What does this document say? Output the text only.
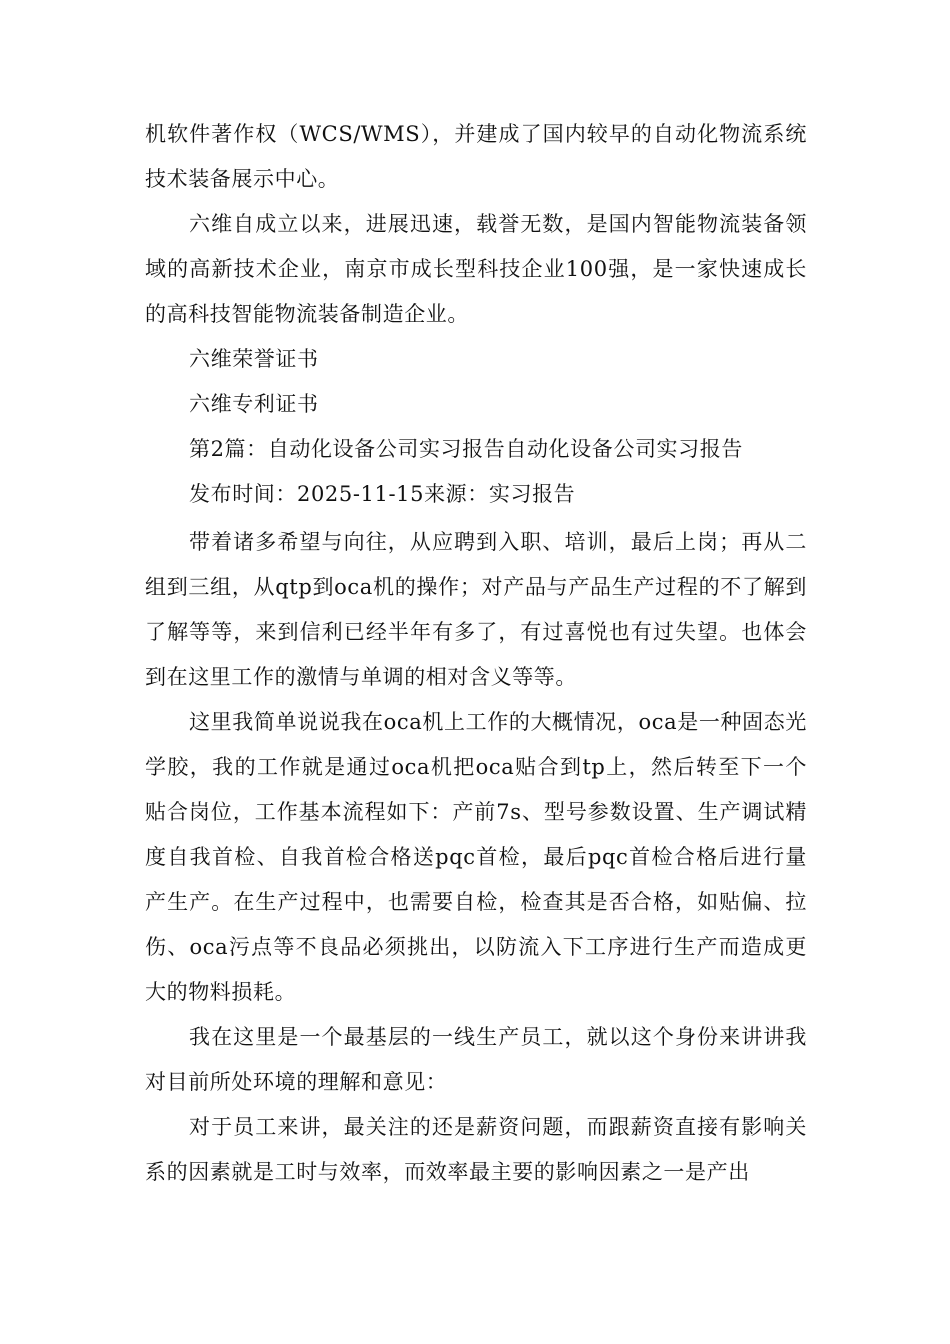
机软件著作权（WCS/WMS），并建成了国内较早的自动化物流系统技术装备展示中心。

六维自成立以来，进展迅速，载誉无数，是国内智能物流装备领域的高新技术企业，南京市成长型科技企业100强，是一家快速成长的高科技智能物流装备制造企业。

六维荣誉证书

六维专利证书

第2篇：自动化设备公司实习报告自动化设备公司实习报告

发布时间：2025-11-15来源：实习报告

带着诸多希望与向往，从应聘到入职、培训，最后上岗；再从二组到三组，从qtp到oca机的操作；对产品与产品生产过程的不了解到了解等等，来到信利已经半年有多了，有过喜悦也有过失望。也体会到在这里工作的激情与单调的相对含义等等。

这里我简单说说我在oca机上工作的大概情况，oca是一种固态光学胶，我的工作就是通过oca机把oca贴合到tp上，然后转至下一个贴合岗位，工作基本流程如下：产前7s、型号参数设置、生产调试精度自我首检、自我首检合格送pqc首检，最后pqc首检合格后进行量产生产。在生产过程中，也需要自检，检查其是否合格，如贴偏、拉伤、oca污点等不良品必须挑出，以防流入下工序进行生产而造成更大的物料损耗。

我在这里是一个最基层的一线生产员工，就以这个身份来讲讲我对目前所处环境的理解和意见：

对于员工来讲，最关注的还是薪资问题，而跟薪资直接有影响关系的因素就是工时与效率，而效率最主要的影响因素之一是产出
